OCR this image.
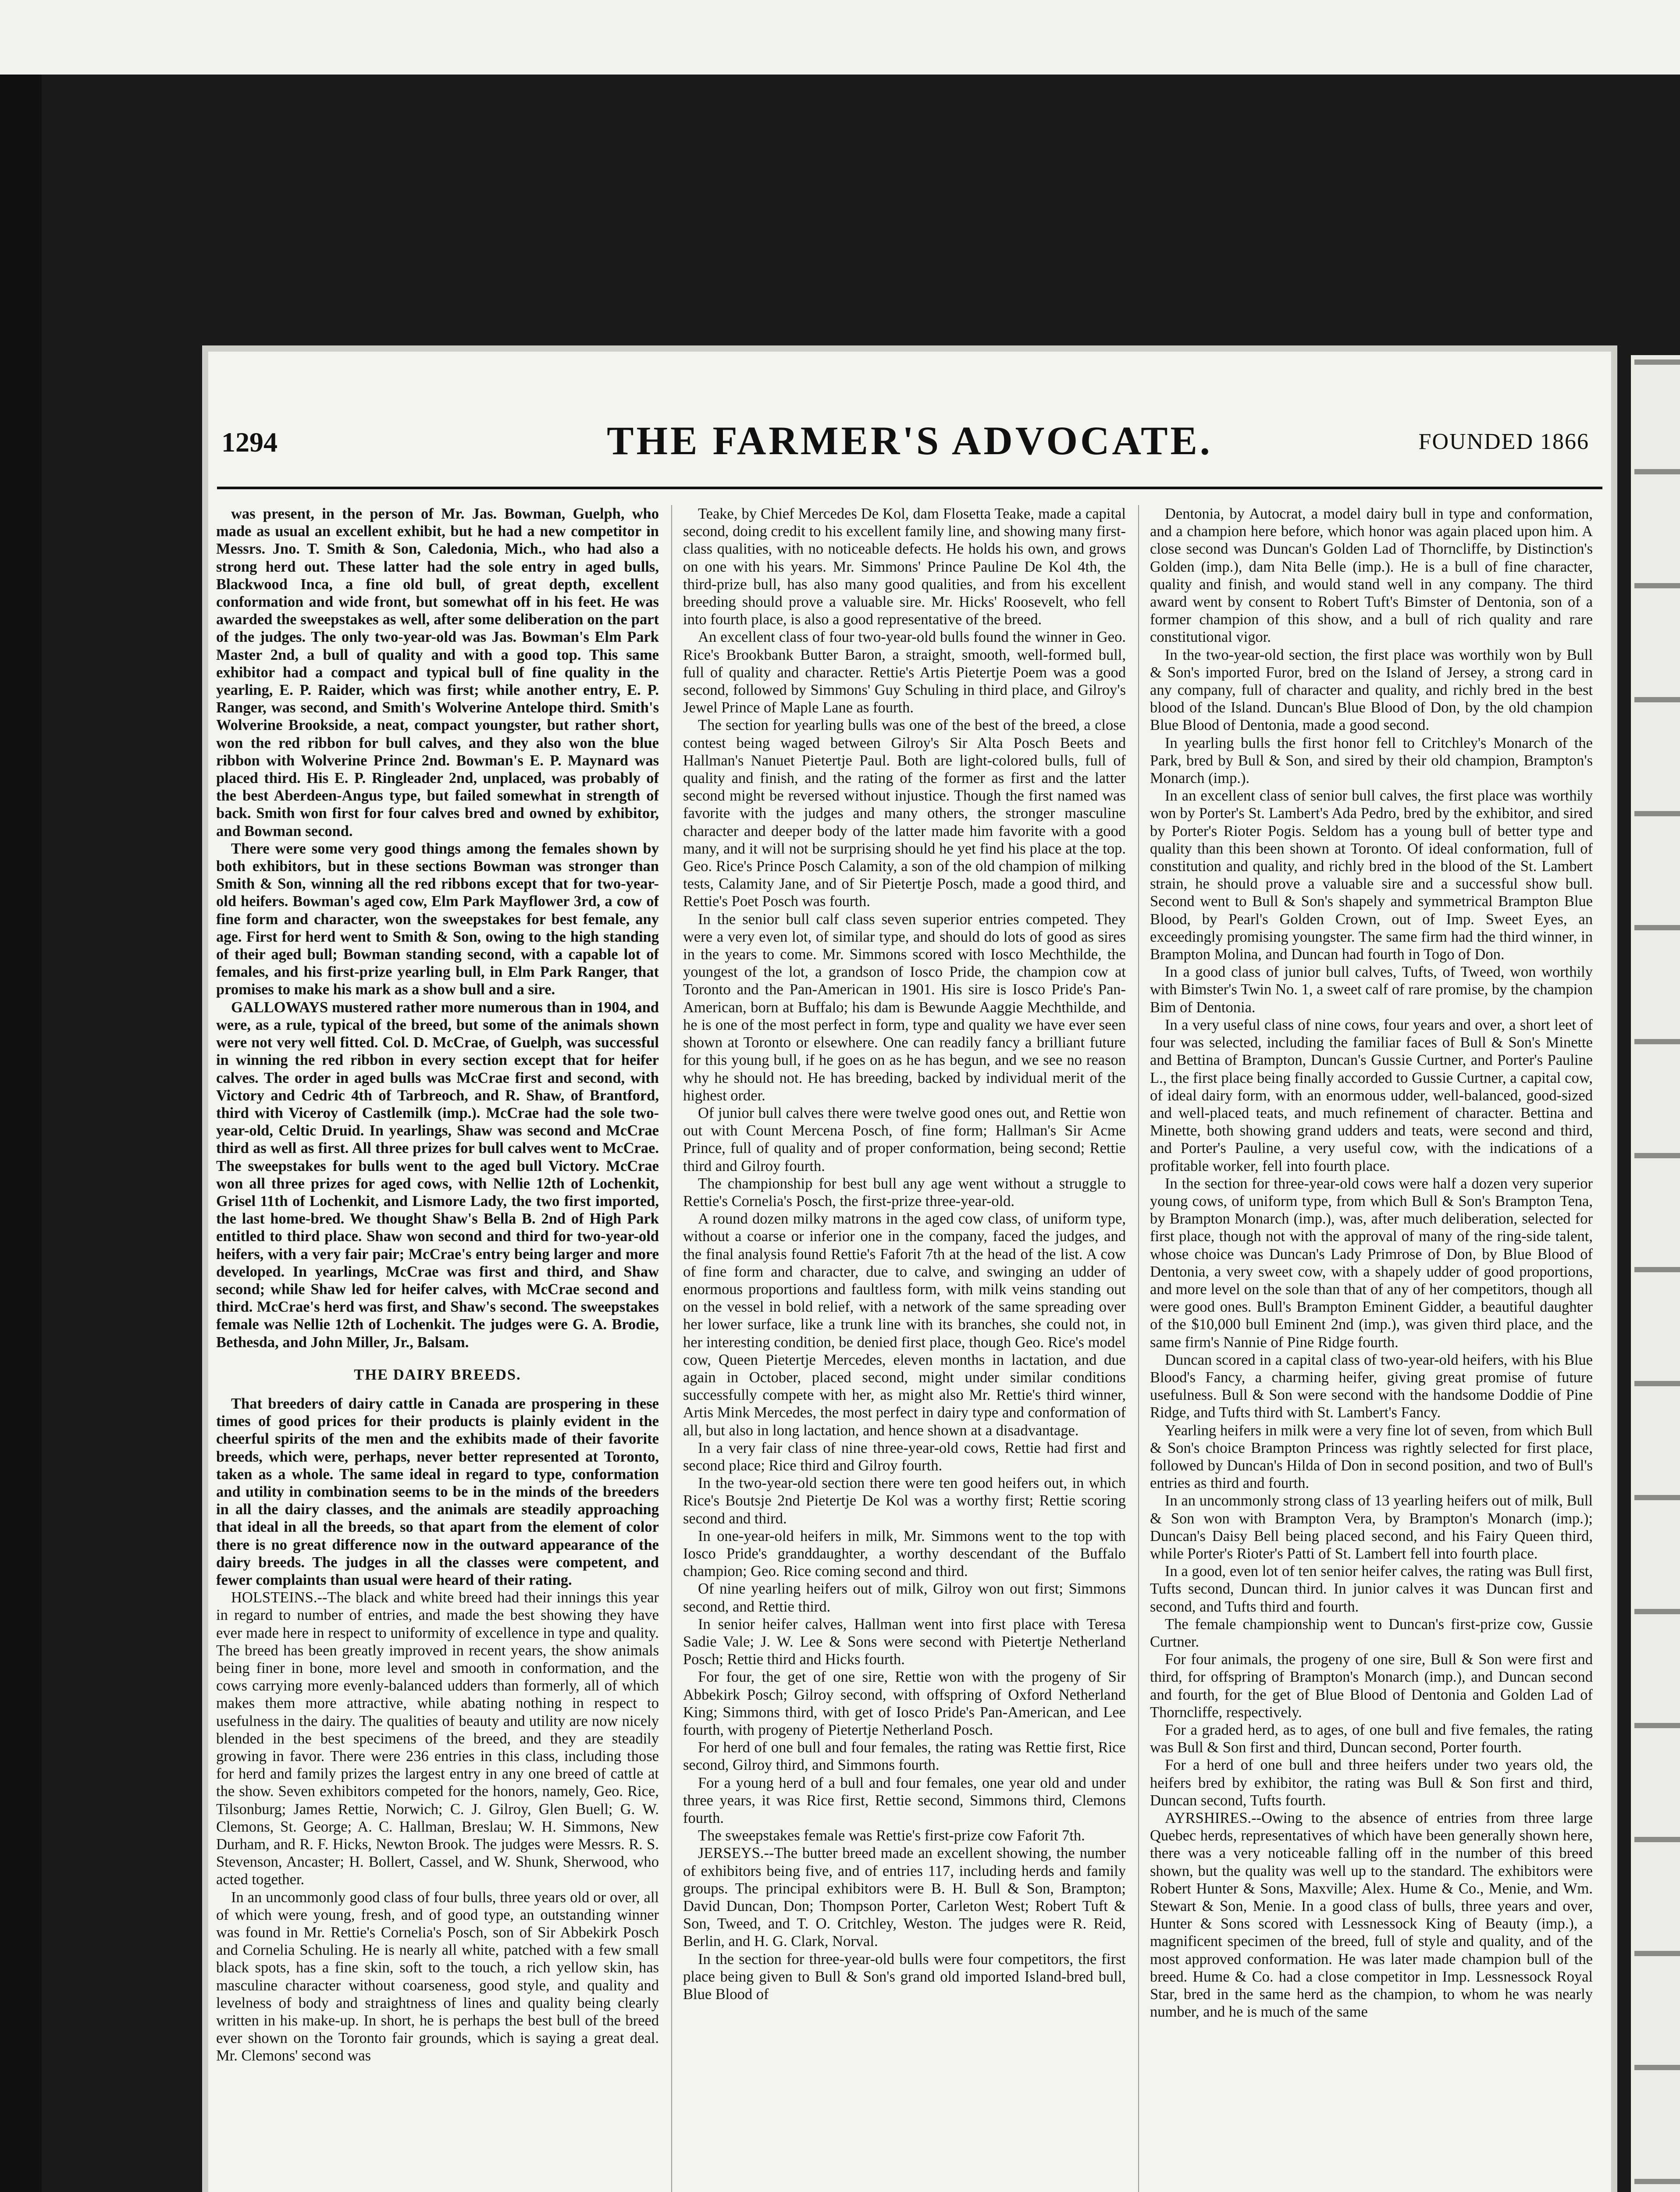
1294	THE FARMER'S ADVOCATE.	FOUNDED 1866

was present, in the person of Mr. Jas. Bowman, Guelph, who made as usual an excellent exhibit, but he had a new competitor in Messrs. Jno. T. Smith & Son, Caledonia, Mich., who had also a strong herd out. These latter had the sole entry in aged bulls, Blackwood Inca, a fine old bull, of great depth, excellent conformation and wide front, but somewhat off in his feet. He was awarded the sweepstakes as well, after some deliberation on the part of the judges. The only two-year-old was Jas. Bowman's Elm Park Master 2nd, a bull of quality and with a good top. This same exhibitor had a compact and typical bull of fine quality in the yearling, E. P. Raider, which was first; while another entry, E. P. Ranger, was second, and Smith's Wolverine Antelope third. Smith's Wolverine Brookside, a neat, compact youngster, but rather short, won the red ribbon for bull calves, and they also won the blue ribbon with Wolverine Prince 2nd. Bowman's E. P. Maynard was placed third. His E. P. Ringleader 2nd, unplaced, was probably of the best Aberdeen-Angus type, but failed somewhat in strength of back. Smith won first for four calves bred and owned by exhibitor, and Bowman second.

There were some very good things among the females shown by both exhibitors, but in these sections Bowman was stronger than Smith & Son, winning all the red ribbons except that for two-year-old heifers. Bowman's aged cow, Elm Park Mayflower 3rd, a cow of fine form and character, won the sweepstakes for best female, any age. First for herd went to Smith & Son, owing to the high standing of their aged bull; Bowman standing second, with a capable lot of females, and his first-prize yearling bull, in Elm Park Ranger, that promises to make his mark as a show bull and a sire.

GALLOWAYS mustered rather more numerous than in 1904, and were, as a rule, typical of the breed, but some of the animals shown were not very well fitted. Col. D. McCrae, of Guelph, was successful in winning the red ribbon in every section except that for heifer calves. The order in aged bulls was McCrae first and second, with Victory and Cedric 4th of Tarbreoch, and R. Shaw, of Brantford, third with Viceroy of Castlemilk (imp.). McCrae had the sole two-year-old, Celtic Druid. In yearlings, Shaw was second and McCrae third as well as first. All three prizes for bull calves went to McCrae. The sweepstakes for bulls went to the aged bull Victory. McCrae won all three prizes for aged cows, with Nellie 12th of Lochenkit, Grisel 11th of Lochenkit, and Lismore Lady, the two first imported, the last home-bred. We thought Shaw's Bella B. 2nd of High Park entitled to third place. Shaw won second and third for two-year-old heifers, with a very fair pair; McCrae's entry being larger and more developed. In yearlings, McCrae was first and third, and Shaw second; while Shaw led for heifer calves, with McCrae second and third. McCrae's herd was first, and Shaw's second. The sweepstakes female was Nellie 12th of Lochenkit. The judges were G. A. Brodie, Bethesda, and John Miller, Jr., Balsam.

THE DAIRY BREEDS.

That breeders of dairy cattle in Canada are prospering in these times of good prices for their products is plainly evident in the cheerful spirits of the men and the exhibits made of their favorite breeds, which were, perhaps, never better represented at Toronto, taken as a whole. The same ideal in regard to type, conformation and utility in combination seems to be in the minds of the breeders in all the dairy classes, and the animals are steadily approaching that ideal in all the breeds, so that apart from the element of color there is no great difference now in the outward appearance of the dairy breeds. The judges in all the classes were competent, and fewer complaints than usual were heard of their rating.

HOLSTEINS.--The black and white breed had their innings this year in regard to number of entries, and made the best showing they have ever made here in respect to uniformity of excellence in type and quality. The breed has been greatly improved in recent years, the show animals being finer in bone, more level and smooth in conformation, and the cows carrying more evenly-balanced udders than formerly, all of which makes them more attractive, while abating nothing in respect to usefulness in the dairy. The qualities of beauty and utility are now nicely blended in the best specimens of the breed, and they are steadily growing in favor. There were 236 entries in this class, including those for herd and family prizes the largest entry in any one breed of cattle at the show. Seven exhibitors competed for the honors, namely, Geo. Rice, Tilsonburg; James Rettie, Norwich; C. J. Gilroy, Glen Buell; G. W. Clemons, St. George; A. C. Hallman, Breslau; W. H. Simmons, New Durham, and R. F. Hicks, Newton Brook. The judges were Messrs. R. S. Stevenson, Ancaster; H. Bollert, Cassel, and W. Shunk, Sherwood, who acted together.

In an uncommonly good class of four bulls, three years old or over, all of which were young, fresh, and of good type, an outstanding winner was found in Mr. Rettie's Cornelia's Posch, son of Sir Abbekirk Posch and Cornelia Schuling. He is nearly all white, patched with a few small black spots, has a fine skin, soft to the touch, a rich yellow skin, has masculine character without coarseness, good style, and quality and levelness of body and straightness of lines and quality being clearly written in his make-up. In short, he is perhaps the best bull of the breed ever shown on the Toronto fair grounds, which is saying a great deal. Mr. Clemons' second was

Teake, by Chief Mercedes De Kol, dam Flosetta Teake, made a capital second, doing credit to his excellent family line, and showing many first-class qualities, with no noticeable defects. He holds his own, and grows on one with his years. Mr. Simmons' Prince Pauline De Kol 4th, the third-prize bull, has also many good qualities, and from his excellent breeding should prove a valuable sire. Mr. Hicks' Roosevelt, who fell into fourth place, is also a good representative of the breed.

An excellent class of four two-year-old bulls found the winner in Geo. Rice's Brookbank Butter Baron, a straight, smooth, well-formed bull, full of quality and character. Rettie's Artis Pietertje Poem was a good second, followed by Simmons' Guy Schuling in third place, and Gilroy's Jewel Prince of Maple Lane as fourth.

The section for yearling bulls was one of the best of the breed, a close contest being waged between Gilroy's Sir Alta Posch Beets and Hallman's Nanuet Pietertje Paul. Both are light-colored bulls, full of quality and finish, and the rating of the former as first and the latter second might be reversed without injustice. Though the first named was favorite with the judges and many others, the stronger masculine character and deeper body of the latter made him favorite with a good many, and it will not be surprising should he yet find his place at the top. Geo. Rice's Prince Posch Calamity, a son of the old champion of milking tests, Calamity Jane, and of Sir Pietertje Posch, made a good third, and Rettie's Poet Posch was fourth.

In the senior bull calf class seven superior entries competed. They were a very even lot, of similar type, and should do lots of good as sires in the years to come. Mr. Simmons scored with Iosco Mechthilde, the youngest of the lot, a grandson of Iosco Pride, the champion cow at Toronto and the Pan-American in 1901. His sire is Iosco Pride's Pan-American, born at Buffalo; his dam is Bewunde Aaggie Mechthilde, and he is one of the most perfect in form, type and quality we have ever seen shown at Toronto or elsewhere. One can readily fancy a brilliant future for this young bull, if he goes on as he has begun, and we see no reason why he should not. He has breeding, backed by individual merit of the highest order.

Of junior bull calves there were twelve good ones out, and Rettie won out with Count Mercena Posch, of fine form; Hallman's Sir Acme Prince, full of quality and of proper conformation, being second; Rettie third and Gilroy fourth.

The championship for best bull any age went without a struggle to Rettie's Cornelia's Posch, the first-prize three-year-old.

A round dozen milky matrons in the aged cow class, of uniform type, without a coarse or inferior one in the company, faced the judges, and the final analysis found Rettie's Faforit 7th at the head of the list. A cow of fine form and character, due to calve, and swinging an udder of enormous proportions and faultless form, with milk veins standing out on the vessel in bold relief, with a network of the same spreading over her lower surface, like a trunk line with its branches, she could not, in her interesting condition, be denied first place, though Geo. Rice's model cow, Queen Pietertje Mercedes, eleven months in lactation, and due again in October, placed second, might under similar conditions successfully compete with her, as might also Mr. Rettie's third winner, Artis Mink Mercedes, the most perfect in dairy type and conformation of all, but also in long lactation, and hence shown at a disadvantage.

In a very fair class of nine three-year-old cows, Rettie had first and second place; Rice third and Gilroy fourth.

In the two-year-old section there were ten good heifers out, in which Rice's Boutsje 2nd Pietertje De Kol was a worthy first; Rettie scoring second and third.

In one-year-old heifers in milk, Mr. Simmons went to the top with Iosco Pride's granddaughter, a worthy descendant of the Buffalo champion; Geo. Rice coming second and third.

Of nine yearling heifers out of milk, Gilroy won out first; Simmons second, and Rettie third.

In senior heifer calves, Hallman went into first place with Teresa Sadie Vale; J. W. Lee & Sons were second with Pietertje Netherland Posch; Rettie third and Hicks fourth.

For four, the get of one sire, Rettie won with the progeny of Sir Abbekirk Posch; Gilroy second, with offspring of Oxford Netherland King; Simmons third, with get of Iosco Pride's Pan-American, and Lee fourth, with progeny of Pietertje Netherland Posch.

For herd of one bull and four females, the rating was Rettie first, Rice second, Gilroy third, and Simmons fourth.

For a young herd of a bull and four females, one year old and under three years, it was Rice first, Rettie second, Simmons third, Clemons fourth.

The sweepstakes female was Rettie's first-prize cow Faforit 7th.

JERSEYS.--The butter breed made an excellent showing, the number of exhibitors being five, and of entries 117, including herds and family groups. The principal exhibitors were B. H. Bull & Son, Brampton; David Duncan, Don; Thompson Porter, Carleton West; Robert Tuft & Son, Tweed, and T. O. Critchley, Weston. The judges were R. Reid, Berlin, and H. G. Clark, Norval.

In the section for three-year-old bulls were four competitors, the first place being given to Bull & Son's grand old imported Island-bred bull, Blue Blood of

Dentonia, by Autocrat, a model dairy bull in type and conformation, and a champion here before, which honor was again placed upon him. A close second was Duncan's Golden Lad of Thorncliffe, by Distinction's Golden (imp.), dam Nita Belle (imp.). He is a bull of fine character, quality and finish, and would stand well in any company. The third award went by consent to Robert Tuft's Bimster of Dentonia, son of a former champion of this show, and a bull of rich quality and rare constitutional vigor.

In the two-year-old section, the first place was worthily won by Bull & Son's imported Furor, bred on the Island of Jersey, a strong card in any company, full of character and quality, and richly bred in the best blood of the Island. Duncan's Blue Blood of Don, by the old champion Blue Blood of Dentonia, made a good second.

In yearling bulls the first honor fell to Critchley's Monarch of the Park, bred by Bull & Son, and sired by their old champion, Brampton's Monarch (imp.).

In an excellent class of senior bull calves, the first place was worthily won by Porter's St. Lambert's Ada Pedro, bred by the exhibitor, and sired by Porter's Rioter Pogis. Seldom has a young bull of better type and quality than this been shown at Toronto. Of ideal conformation, full of constitution and quality, and richly bred in the blood of the St. Lambert strain, he should prove a valuable sire and a successful show bull. Second went to Bull & Son's shapely and symmetrical Brampton Blue Blood, by Pearl's Golden Crown, out of Imp. Sweet Eyes, an exceedingly promising youngster. The same firm had the third winner, in Brampton Molina, and Duncan had fourth in Togo of Don.

In a good class of junior bull calves, Tufts, of Tweed, won worthily with Bimster's Twin No. 1, a sweet calf of rare promise, by the champion Bim of Dentonia.

In a very useful class of nine cows, four years and over, a short leet of four was selected, including the familiar faces of Bull & Son's Minette and Bettina of Brampton, Duncan's Gussie Curtner, and Porter's Pauline L., the first place being finally accorded to Gussie Curtner, a capital cow, of ideal dairy form, with an enormous udder, well-balanced, good-sized and well-placed teats, and much refinement of character. Bettina and Minette, both showing grand udders and teats, were second and third, and Porter's Pauline, a very useful cow, with the indications of a profitable worker, fell into fourth place.

In the section for three-year-old cows were half a dozen very superior young cows, of uniform type, from which Bull & Son's Brampton Tena, by Brampton Monarch (imp.), was, after much deliberation, selected for first place, though not with the approval of many of the ring-side talent, whose choice was Duncan's Lady Primrose of Don, by Blue Blood of Dentonia, a very sweet cow, with a shapely udder of good proportions, and more level on the sole than that of any of her competitors, though all were good ones. Bull's Brampton Eminent Gidder, a beautiful daughter of the $10,000 bull Eminent 2nd (imp.), was given third place, and the same firm's Nannie of Pine Ridge fourth.

Duncan scored in a capital class of two-year-old heifers, with his Blue Blood's Fancy, a charming heifer, giving great promise of future usefulness. Bull & Son were second with the handsome Doddie of Pine Ridge, and Tufts third with St. Lambert's Fancy.

Yearling heifers in milk were a very fine lot of seven, from which Bull & Son's choice Brampton Princess was rightly selected for first place, followed by Duncan's Hilda of Don in second position, and two of Bull's entries as third and fourth.

In an uncommonly strong class of 13 yearling heifers out of milk, Bull & Son won with Brampton Vera, by Brampton's Monarch (imp.); Duncan's Daisy Bell being placed second, and his Fairy Queen third, while Porter's Rioter's Patti of St. Lambert fell into fourth place.

In a good, even lot of ten senior heifer calves, the rating was Bull first, Tufts second, Duncan third. In junior calves it was Duncan first and second, and Tufts third and fourth.

The female championship went to Duncan's first-prize cow, Gussie Curtner.

For four animals, the progeny of one sire, Bull & Son were first and third, for offspring of Brampton's Monarch (imp.), and Duncan second and fourth, for the get of Blue Blood of Dentonia and Golden Lad of Thorncliffe, respectively.

For a graded herd, as to ages, of one bull and five females, the rating was Bull & Son first and third, Duncan second, Porter fourth.

For a herd of one bull and three heifers under two years old, the heifers bred by exhibitor, the rating was Bull & Son first and third, Duncan second, Tufts fourth.

AYRSHIRES.--Owing to the absence of entries from three large Quebec herds, representatives of which have been generally shown here, there was a very noticeable falling off in the number of this breed shown, but the quality was well up to the standard. The exhibitors were Robert Hunter & Sons, Maxville; Alex. Hume & Co., Menie, and Wm. Stewart & Son, Menie. In a good class of bulls, three years and over, Hunter & Sons scored with Lessnessock King of Beauty (imp.), a magnificent specimen of the breed, full of style and quality, and of the most approved conformation. He was later made champion bull of the breed. Hume & Co. had a close competitor in Imp. Lessnessock Royal Star, bred in the same herd as the champion, to whom he was nearly number, and he is much of the same
